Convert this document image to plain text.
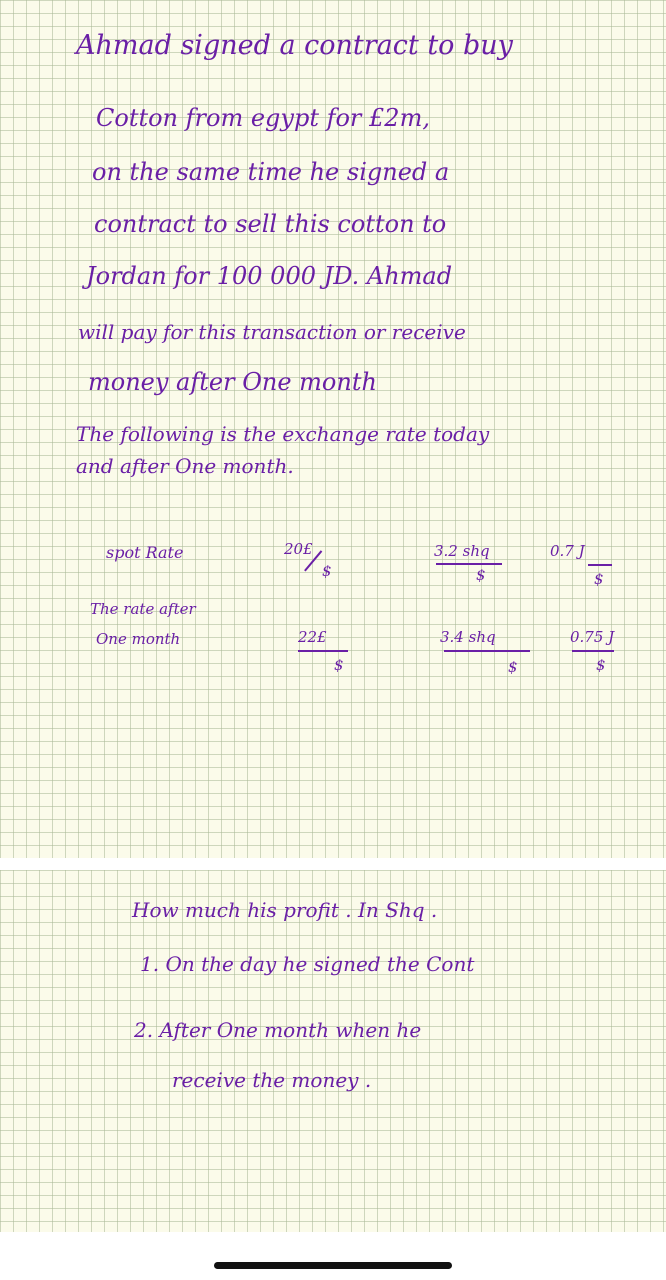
Ahmad signed a contract to buy

Cotton from egypt for £2m,

on the same time he signed a

contract to sell this cotton to

Jordan for 100 000 JD. Ahmad

will pay for this transaction or receive

money after One month

The following is the exchange rate today

and after One month.

spot Rate

The rate after

One month

20£
$
3.2 shq
$
0.7 J
$
22£
$
3.4 shq
$
0.75 J
$

How much his profit . In Shq .

1. On the day he signed the Cont

2. After One month when he

receive the money .
